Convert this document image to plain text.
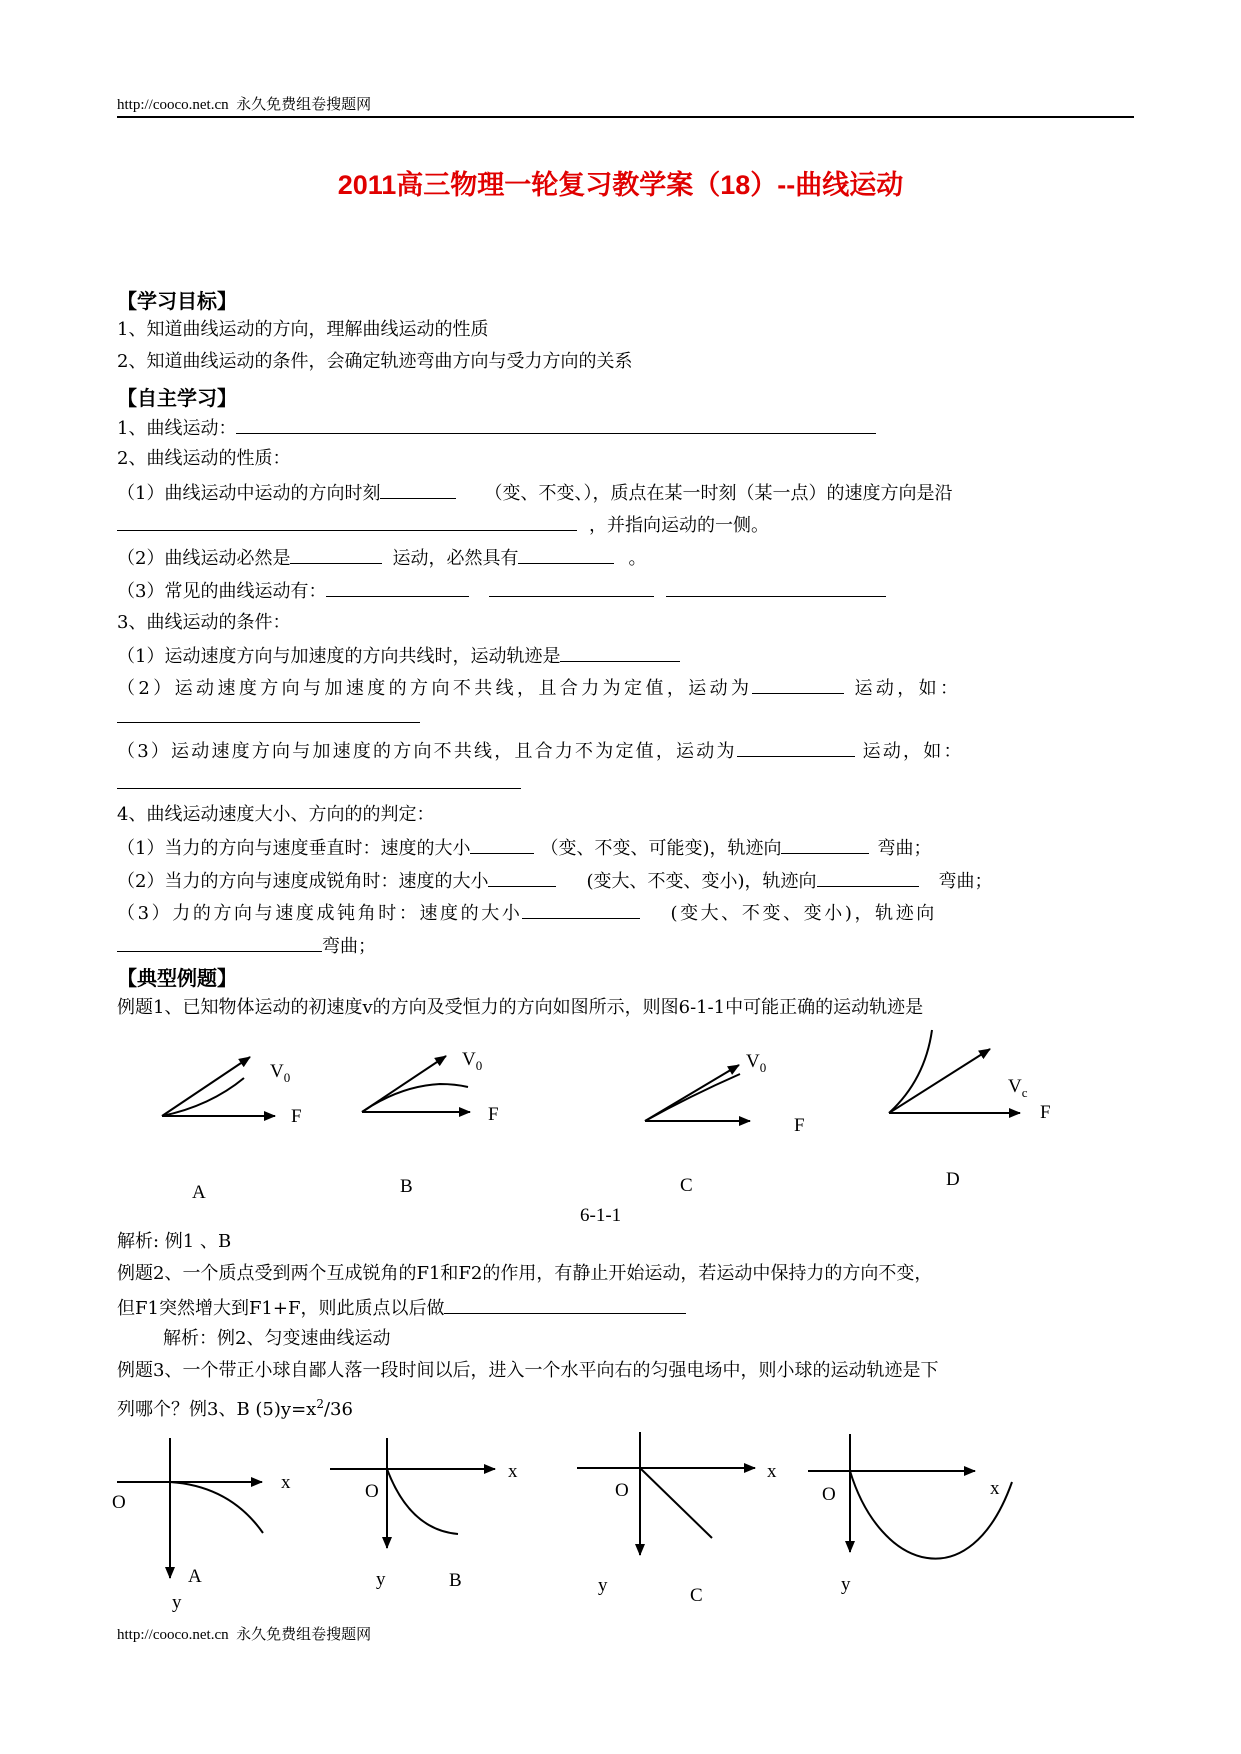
http://cooco.net.cn 永久免费组卷搜题网
2011高三物理一轮复习教学案（18）--曲线运动
【学习目标】
1、知道曲线运动的方向，理解曲线运动的性质
2、知道曲线运动的条件，会确定轨迹弯曲方向与受力方向的关系
【自主学习】
1、曲线运动：
2、曲线运动的性质：
（1）曲线运动中运动的方向时刻	（变、不变、），质点在某一时刻（某一点）的速度方向是沿
，并指向运动的一侧。
（2）曲线运动必然是	运动，必然具有	。
（3）常见的曲线运动有：
3、曲线运动的条件：
（1）运动速度方向与加速度的方向共线时，运动轨迹是
（2）运动速度方向与加速度的方向不共线，且合力为定值，运动为	运动，如：
（3）运动速度方向与加速度的方向不共线，且合力不为定值，运动为	运动，如：
4、曲线运动速度大小、方向的的判定：
（1）当力的方向与速度垂直时：速度的大小	（变、不变、可能变)，轨迹向	弯曲；
（2）当力的方向与速度成锐角时：速度的大小	(变大、不变、变小)，轨迹向	弯曲；
（3）力的方向与速度成钝角时：速度的大小	(变大、不变、变小)，轨迹向
弯曲；
【典型例题】
例题1、已知物体运动的初速度v的方向及受恒力的方向如图所示，则图6-1-1中可能正确的运动轨迹是
$V_0$
F
A
$V_0$
F
B
$V_0$
F
C
6-1-1
$V_c$
F
D
解析: 例1 、B
例题2、一个质点受到两个互成锐角的F1和F2的作用，有静止开始运动，若运动中保持力的方向不变，
但F1突然增大到F1+F，则此质点以后做
解析：例2、匀变速曲线运动
例题3、一个带正小球自鄙人落一段时间以后，进入一个水平向右的匀强电场中，则小球的运动轨迹是下
列哪个？例3、B $(5)y=x^2/36$
O
x
A
y
O
x
y	B
O
x
y	C
O	x
y
http://cooco.net.cn 永久免费组卷搜题网
